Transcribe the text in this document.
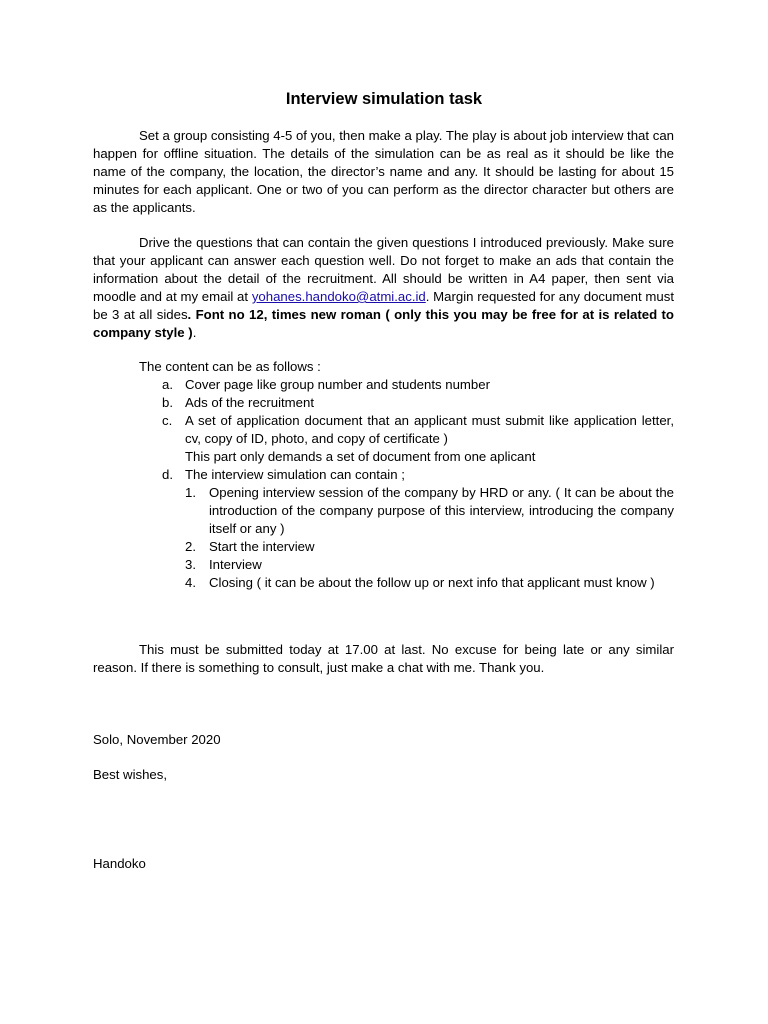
Interview simulation task

Set a group consisting 4-5 of you, then make a play. The play is about job interview that can happen for offline situation. The details of the simulation can be as real as it should be like the name of the company, the location, the director’s name and any. It should be lasting for about 15 minutes for each applicant. One or two of you can perform as the director character but others are as the applicants.

Drive the questions that can contain the given questions I introduced previously. Make sure that your applicant can answer each question well. Do not forget to make an ads that contain the information about the detail of the recruitment. All should be written in A4 paper, then sent via moodle and at my email at yohanes.handoko@atmi.ac.id. Margin requested for any document must be 3 at all sides. Font no 12, times new roman ( only this you may be free for at is related to company style ).

The content can be as follows :
a. Cover page like group number and students number
b. Ads of the recruitment
c. A set of application document that an applicant must submit like application letter, cv, copy of ID, photo, and copy of certificate )
This part only demands a set of document from one aplicant
d. The interview simulation can contain ;
1. Opening interview session of the company by HRD or any. ( It can be about the introduction of the company purpose of this interview, introducing the company itself or any )
2. Start the interview
3. Interview
4. Closing ( it can be about the follow up or next info that applicant must know )

This must be submitted today at 17.00 at last. No excuse for being late or any similar reason. If there is something to consult, just make a chat with me. Thank you.

Solo, November 2020
Best wishes,
Handoko
